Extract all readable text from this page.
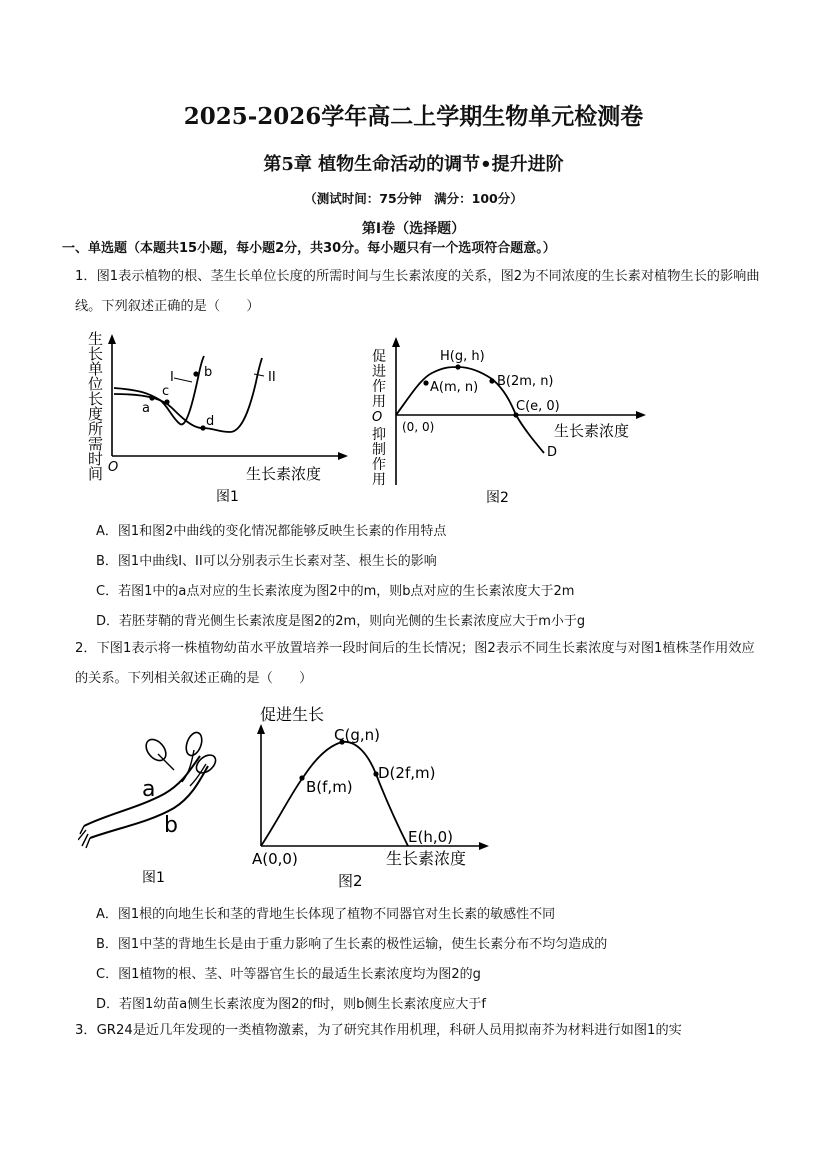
2025-2026学年高二上学期生物单元检测卷
第5章 植物生命活动的调节•提升进阶
（测试时间：75分钟　满分：100分）
第I卷（选择题）
一、单选题（本题共15小题，每小题2分，共30分。每小题只有一个选项符合题意。）
1．图1表示植物的根、茎生长单位长度的所需时间与生长素浓度的关系，图2为不同浓度的生长素对植物生长的影响曲线。下列叙述正确的是（　　）
生
长
单
位
长
度
所
需
时
间 O	生长素浓度
I	II
a
b
c
d
图1
促
进
作
用
O
抑
制
作
用
(0, 0)	生长素浓度
H(g, h)
A(m, n) B(2m, n)
C(e, 0)
D
图2
A．图1和图2中曲线的变化情况都能够反映生长素的作用特点
B．图1中曲线I、II可以分别表示生长素对茎、根生长的影响
C．若图1中的a点对应的生长素浓度为图2中的m，则b点对应的生长素浓度大于2m
D．若胚芽鞘的背光侧生长素浓度是图2的2m，则向光侧的生长素浓度应大于m小于g
2．下图1表示将一株植物幼苗水平放置培养一段时间后的生长情况；图2表示不同生长素浓度与对图1植株茎作用效应的关系。下列相关叙述正确的是（　　）
a
b
图1
促进生长
C(g,n)
B(f,m)
D(2f,m)
E(h,0)
A(0,0)	生长素浓度
图2
A．图1根的向地生长和茎的背地生长体现了植物不同器官对生长素的敏感性不同
B．图1中茎的背地生长是由于重力影响了生长素的极性运输，使生长素分布不均匀造成的
C．图1植物的根、茎、叶等器官生长的最适生长素浓度均为图2的g
D．若图1幼苗a侧生长素浓度为图2的f时，则b侧生长素浓度应大于f
3．GR24是近几年发现的一类植物激素，为了研究其作用机理，科研人员用拟南芥为材料进行如图1的实
